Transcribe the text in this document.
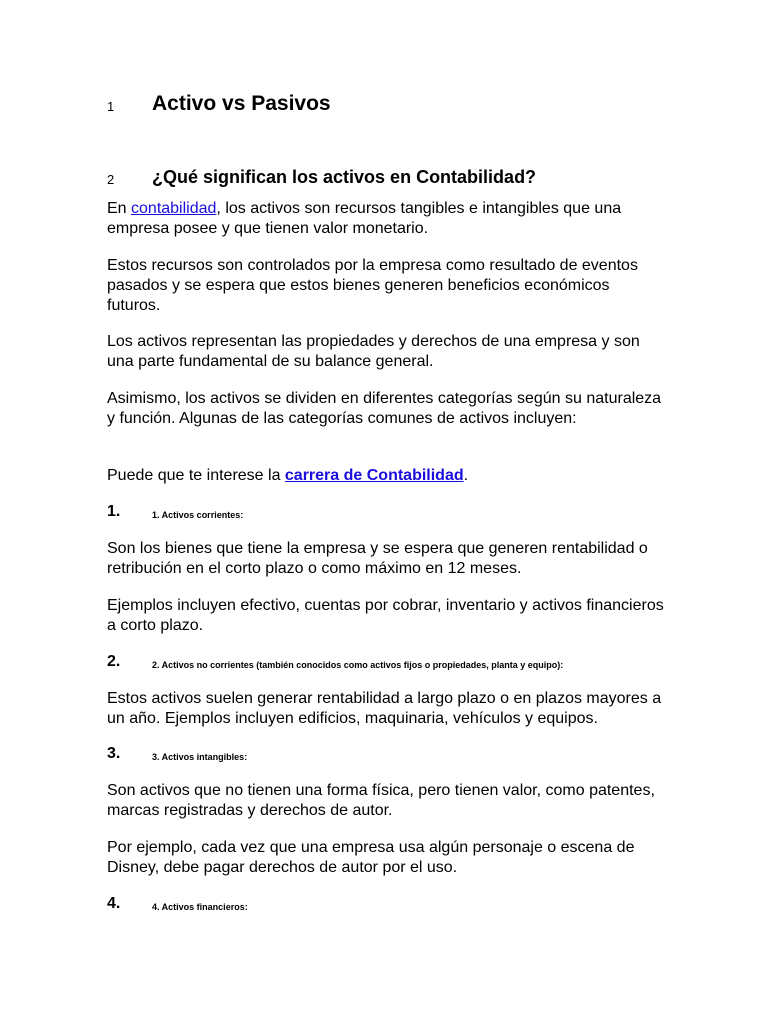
1 Activo vs Pasivos
2 ¿Qué significan los activos en Contabilidad?

En contabilidad, los activos son recursos tangibles e intangibles que una empresa posee y que tienen valor monetario.

Estos recursos son controlados por la empresa como resultado de eventos pasados y se espera que estos bienes generen beneficios económicos futuros.

Los activos representan las propiedades y derechos de una empresa y son una parte fundamental de su balance general.

Asimismo, los activos se dividen en diferentes categorías según su naturaleza y función. Algunas de las categorías comunes de activos incluyen:

Puede que te interese la carrera de Contabilidad.

1.	1. Activos corrientes:

Son los bienes que tiene la empresa y se espera que generen rentabilidad o retribución en el corto plazo o como máximo en 12 meses.

Ejemplos incluyen efectivo, cuentas por cobrar, inventario y activos financieros a corto plazo.

2.	2. Activos no corrientes (también conocidos como activos fijos o propiedades, planta y equipo):

Estos activos suelen generar rentabilidad a largo plazo o en plazos mayores a un año. Ejemplos incluyen edificios, maquinaria, vehículos y equipos.

3.	3. Activos intangibles:

Son activos que no tienen una forma física, pero tienen valor, como patentes, marcas registradas y derechos de autor.

Por ejemplo, cada vez que una empresa usa algún personaje o escena de Disney, debe pagar derechos de autor por el uso.

4.	4. Activos financieros:
